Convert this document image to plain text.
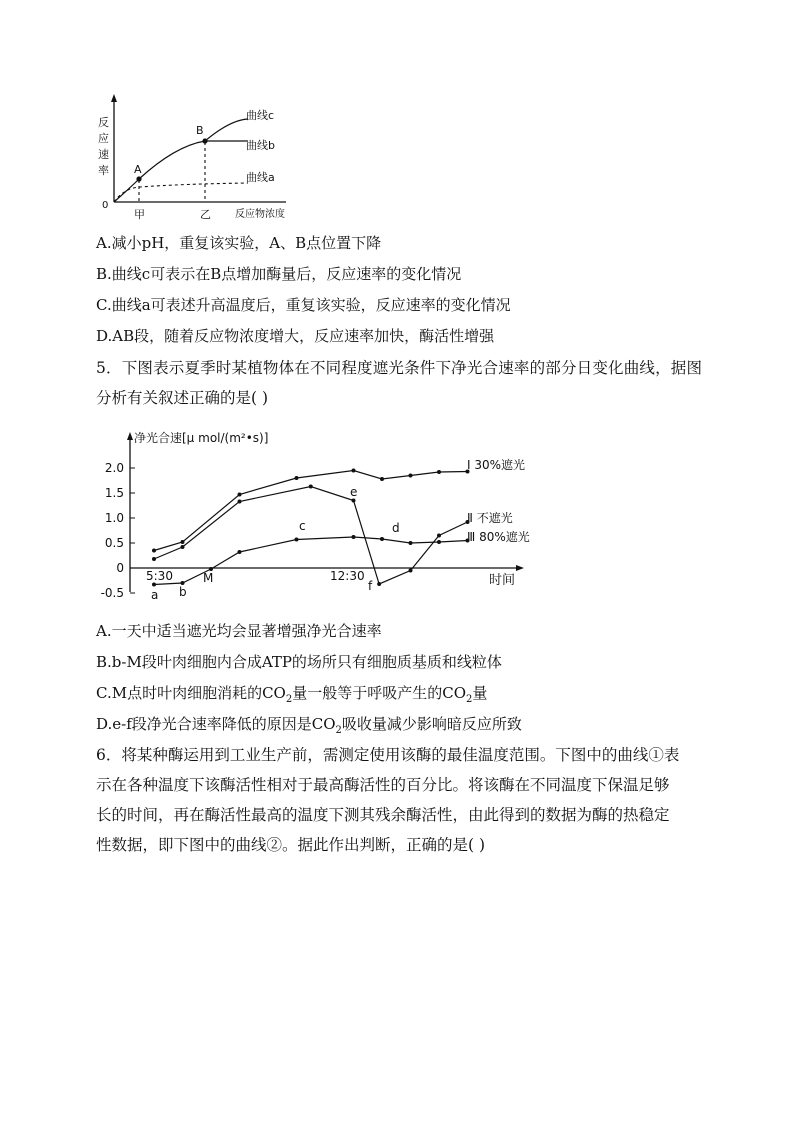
反
应
速
率
0
A
B
甲	乙 反应物浓度
曲线c
曲线b
曲线a
A.减小pH，重复该实验，A、B点位置下降
B.曲线c可表示在B点增加酶量后，反应速率的变化情况
C.曲线a可表述升高温度后，重复该实验，反应速率的变化情况
D.AB段，随着反应物浓度增大，反应速率加快，酶活性增强
5．下图表示夏季时某植物体在不同程度遮光条件下净光合速率的部分日变化曲线，据图分析有关叙述正确的是( )
净光合速[μ mol/(m²•s)]
2.0
1.5
1.0
0.5
0
-0.5
5:30	12:30	时间
a b
M
c	d
e
f
Ⅰ 30%遮光
Ⅱ 不遮光
Ⅲ 80%遮光
A.一天中适当遮光均会显著增强净光合速率
B.b-M段叶肉细胞内合成ATP的场所只有细胞质基质和线粒体
C.M点时叶肉细胞消耗的$CO_2$量一般等于呼吸产生的$CO_2$量
D.e-f段净光合速率降低的原因是$CO_2$吸收量减少影响暗反应所致
6．将某种酶运用到工业生产前，需测定使用该酶的最佳温度范围。下图中的曲线①表
示在各种温度下该酶活性相对于最高酶活性的百分比。将该酶在不同温度下保温足够
长的时间，再在酶活性最高的温度下测其残余酶活性，由此得到的数据为酶的热稳定
性数据，即下图中的曲线②。据此作出判断，正确的是( )
